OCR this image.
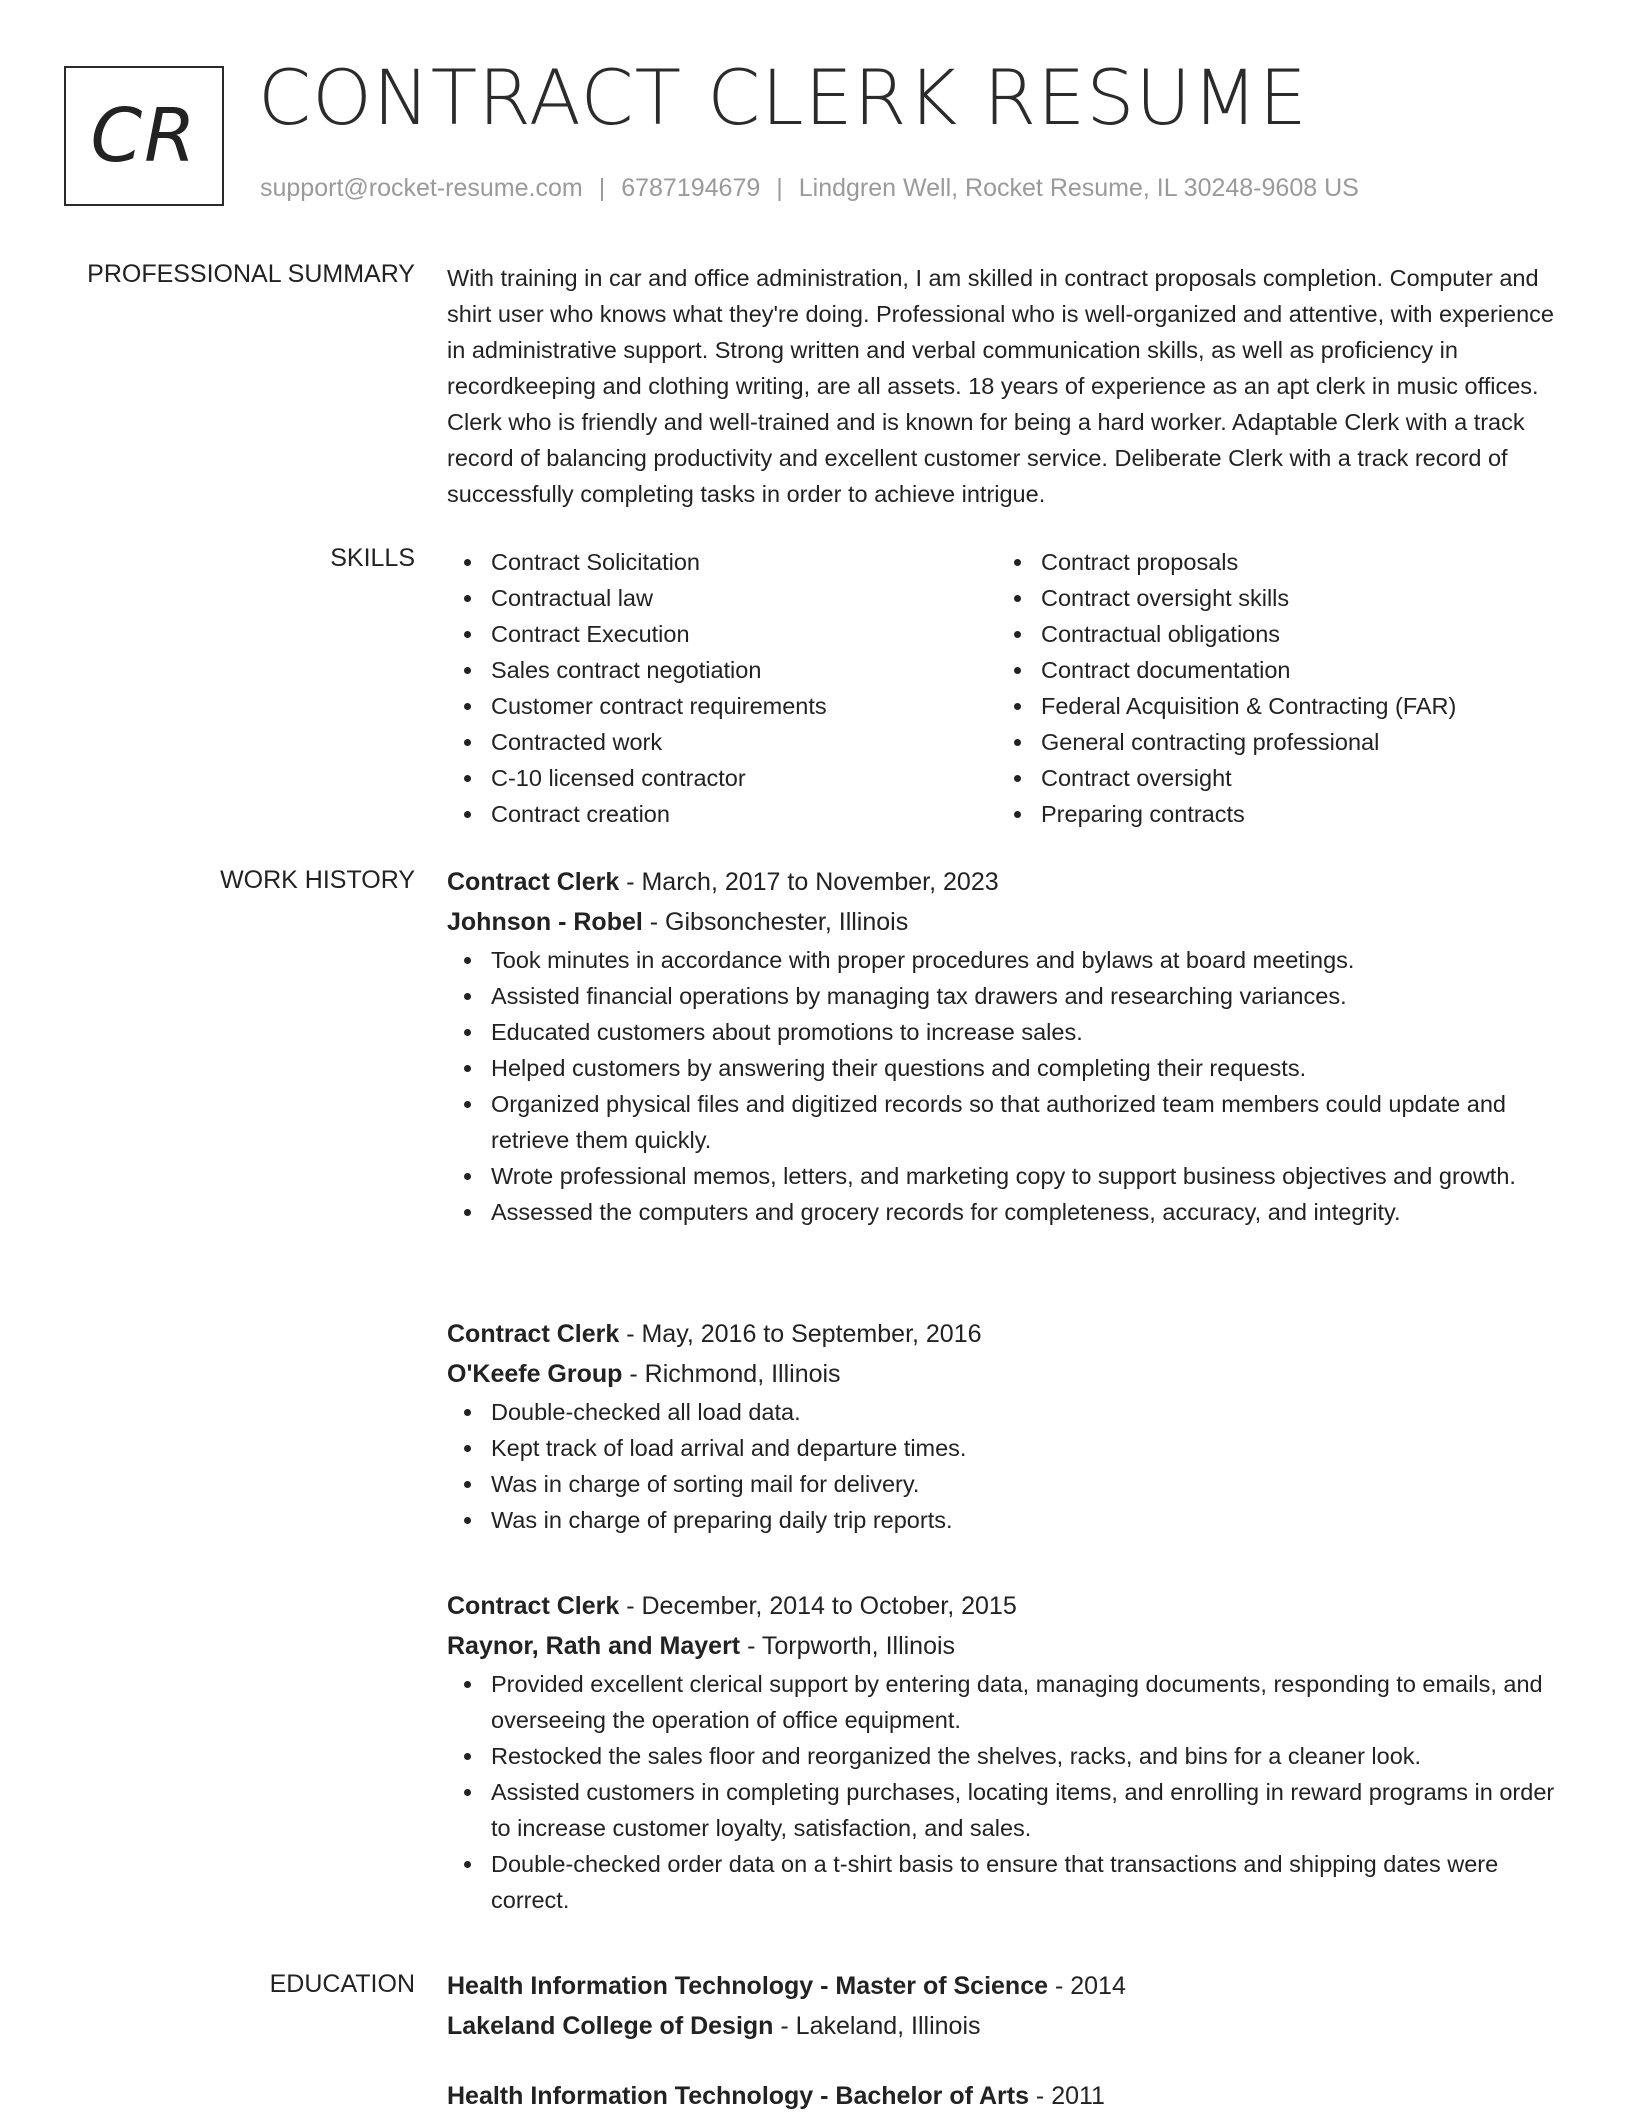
CR CONTRACT CLERK RESUME
support@rocket-resume.com | 6787194679 | Lindgren Well, Rocket Resume, IL 30248-9608 US
PROFESSIONAL SUMMARY With training in car and office administration, I am skilled in contract proposals completion. Computer and shirt user who knows what they're doing. Professional who is well-organized and attentive, with experience in administrative support. Strong written and verbal communication skills, as well as proficiency in recordkeeping and clothing writing, are all assets. 18 years of experience as an apt clerk in music offices. Clerk who is friendly and well-trained and is known for being a hard worker. Adaptable Clerk with a track record of balancing productivity and excellent customer service. Deliberate Clerk with a track record of successfully completing tasks in order to achieve intrigue.

SKILLS	Contract Solicitation
Contractual law
Contract Execution
Sales contract negotiation
Customer contract requirements
Contracted work
C-10 licensed contractor
Contract creation
Contract proposals
Contract oversight skills
Contractual obligations
Contract documentation
Federal Acquisition & Contracting (FAR)
General contracting professional
Contract oversight
Preparing contracts
WORK HISTORY Contract Clerk - March, 2017 to November, 2023
Johnson - Robel - Gibsonchester, Illinois
Took minutes in accordance with proper procedures and bylaws at board meetings.
Assisted financial operations by managing tax drawers and researching variances.
Educated customers about promotions to increase sales.
Helped customers by answering their questions and completing their requests.
Organized physical files and digitized records so that authorized team members could update and retrieve them quickly.
Wrote professional memos, letters, and marketing copy to support business objectives and growth.
Assessed the computers and grocery records for completeness, accuracy, and integrity.
Contract Clerk - May, 2016 to September, 2016
O'Keefe Group - Richmond, Illinois
Double-checked all load data.
Kept track of load arrival and departure times.
Was in charge of sorting mail for delivery.
Was in charge of preparing daily trip reports.
Contract Clerk - December, 2014 to October, 2015
Raynor, Rath and Mayert - Torpworth, Illinois
Provided excellent clerical support by entering data, managing documents, responding to emails, and overseeing the operation of office equipment.
Restocked the sales floor and reorganized the shelves, racks, and bins for a cleaner look.
Assisted customers in completing purchases, locating items, and enrolling in reward programs in order to increase customer loyalty, satisfaction, and sales.
Double-checked order data on a t-shirt basis to ensure that transactions and shipping dates were correct.
EDUCATION Health Information Technology - Master of Science - 2014
Lakeland College of Design - Lakeland, Illinois
Health Information Technology - Bachelor of Arts - 2011
